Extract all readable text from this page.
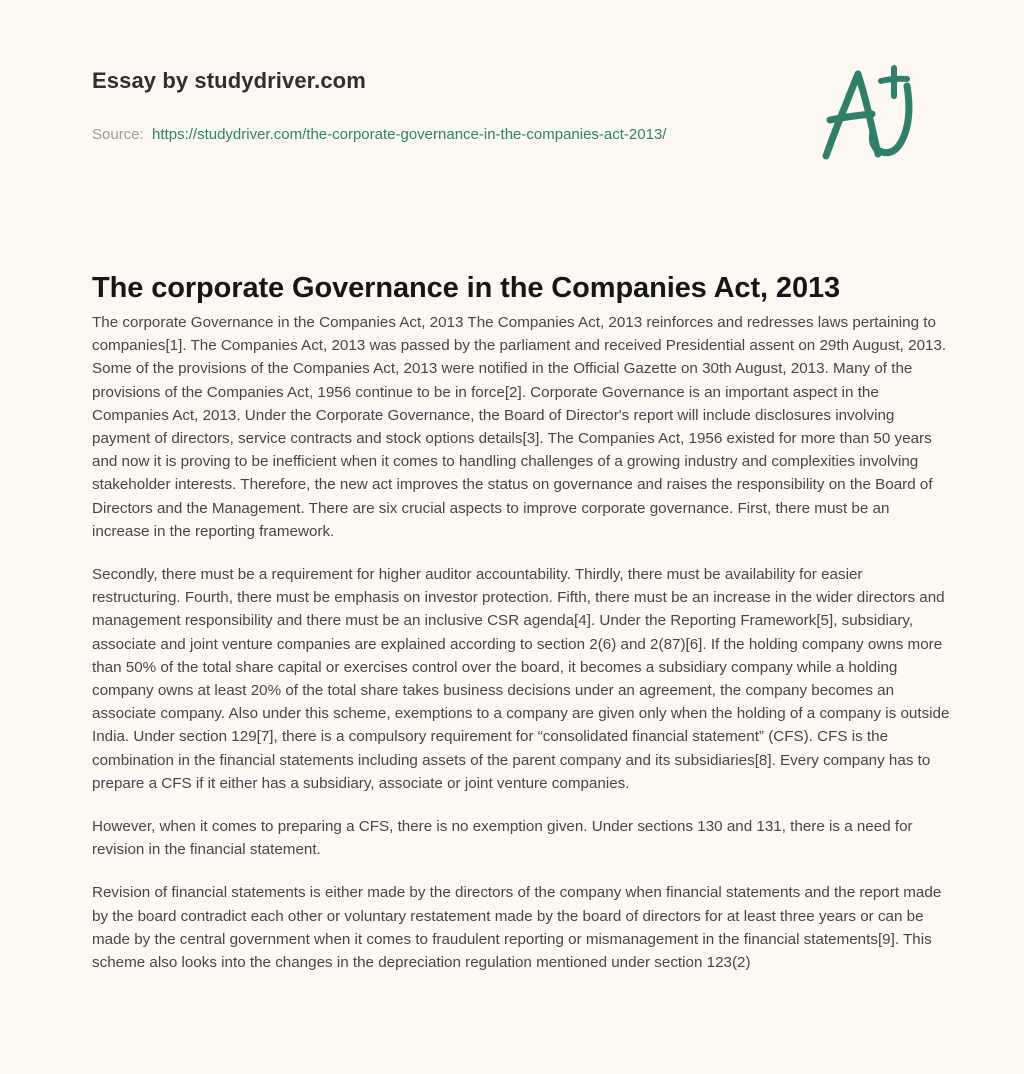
Essay by studydriver.com
Source: https://studydriver.com/the-corporate-governance-in-the-companies-act-2013/
The corporate Governance in the Companies Act, 2013

The corporate Governance in the Companies Act, 2013 The Companies Act, 2013 reinforces and redresses laws pertaining to companies[1]. The Companies Act, 2013 was passed by the parliament and received Presidential assent on 29th August, 2013. Some of the provisions of the Companies Act, 2013 were notified in the Official Gazette on 30th August, 2013. Many of the provisions of the Companies Act, 1956 continue to be in force[2]. Corporate Governance is an important aspect in the Companies Act, 2013. Under the Corporate Governance, the Board of Director's report will include disclosures involving payment of directors, service contracts and stock options details[3]. The Companies Act, 1956 existed for more than 50 years and now it is proving to be inefficient when it comes to handling challenges of a growing industry and complexities involving stakeholder interests. Therefore, the new act improves the status on governance and raises the responsibility on the Board of Directors and the Management. There are six crucial aspects to improve corporate governance. First, there must be an increase in the reporting framework.

Secondly, there must be a requirement for higher auditor accountability. Thirdly, there must be availability for easier restructuring. Fourth, there must be emphasis on investor protection. Fifth, there must be an increase in the wider directors and management responsibility and there must be an inclusive CSR agenda[4]. Under the Reporting Framework[5], subsidiary, associate and joint venture companies are explained according to section 2(6) and 2(87)[6]. If the holding company owns more than 50% of the total share capital or exercises control over the board, it becomes a subsidiary company while a holding company owns at least 20% of the total share takes business decisions under an agreement, the company becomes an associate company. Also under this scheme, exemptions to a company are given only when the holding of a company is outside India. Under section 129[7], there is a compulsory requirement for “consolidated financial statement” (CFS). CFS is the combination in the financial statements including assets of the parent company and its subsidiaries[8]. Every company has to prepare a CFS if it either has a subsidiary, associate or joint venture companies.

However, when it comes to preparing a CFS, there is no exemption given. Under sections 130 and 131, there is a need for revision in the financial statement.

Revision of financial statements is either made by the directors of the company when financial statements and the report made by the board contradict each other or voluntary restatement made by the board of directors for at least three years or can be made by the central government when it comes to fraudulent reporting or mismanagement in the financial statements[9]. This scheme also looks into the changes in the depreciation regulation mentioned under section 123(2)
